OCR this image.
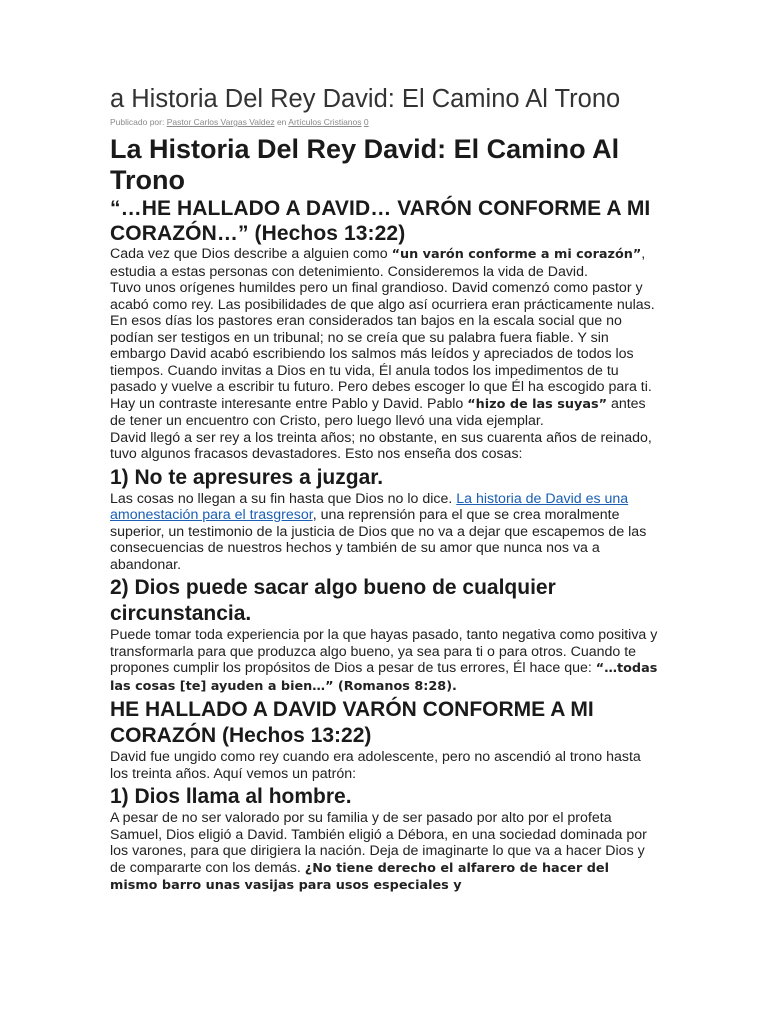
a Historia Del Rey David: El Camino Al Trono
Publicado por: Pastor Carlos Vargas Valdez en Artículos Cristianos 0
La Historia Del Rey David: El Camino Al Trono
“…HE HALLADO A DAVID… VARÓN CONFORME A MI CORAZÓN…” (Hechos 13:22)

Cada vez que Dios describe a alguien como “un varón conforme a mi corazón”, estudia a estas personas con detenimiento. Consideremos la vida de David.

Tuvo unos orígenes humildes pero un final grandioso. David comenzó como pastor y acabó como rey. Las posibilidades de que algo así ocurriera eran prácticamente nulas. En esos días los pastores eran considerados tan bajos en la escala social que no podían ser testigos en un tribunal; no se creía que su palabra fuera fiable. Y sin embargo David acabó escribiendo los salmos más leídos y apreciados de todos los tiempos. Cuando invitas a Dios en tu vida, Él anula todos los impedimentos de tu pasado y vuelve a escribir tu futuro. Pero debes escoger lo que Él ha escogido para ti. Hay un contraste interesante entre Pablo y David. Pablo “hizo de las suyas” antes de tener un encuentro con Cristo, pero luego llevó una vida ejemplar.

David llegó a ser rey a los treinta años; no obstante, en sus cuarenta años de reinado, tuvo algunos fracasos devastadores. Esto nos enseña dos cosas:

1) No te apresures a juzgar.

Las cosas no llegan a su fin hasta que Dios no lo dice. La historia de David es una amonestación para el trasgresor, una reprensión para el que se crea moralmente superior, un testimonio de la justicia de Dios que no va a dejar que escapemos de las consecuencias de nuestros hechos y también de su amor que nunca nos va a abandonar.

2) Dios puede sacar algo bueno de cualquier circunstancia.

Puede tomar toda experiencia por la que hayas pasado, tanto negativa como positiva y transformarla para que produzca algo bueno, ya sea para ti o para otros. Cuando te propones cumplir los propósitos de Dios a pesar de tus errores, Él hace que: “…todas las cosas [te] ayuden a bien…” (Romanos 8:28).

HE HALLADO A DAVID VARÓN CONFORME A MI CORAZÓN (Hechos 13:22)

David fue ungido como rey cuando era adolescente, pero no ascendió al trono hasta los treinta años. Aquí vemos un patrón:

1) Dios llama al hombre.

A pesar de no ser valorado por su familia y de ser pasado por alto por el profeta Samuel, Dios eligió a David. También eligió a Débora, en una sociedad dominada por los varones, para que dirigiera la nación. Deja de imaginarte lo que va a hacer Dios y de compararte con los demás. ¿No tiene derecho el alfarero de hacer del mismo barro unas vasijas para usos especiales y
